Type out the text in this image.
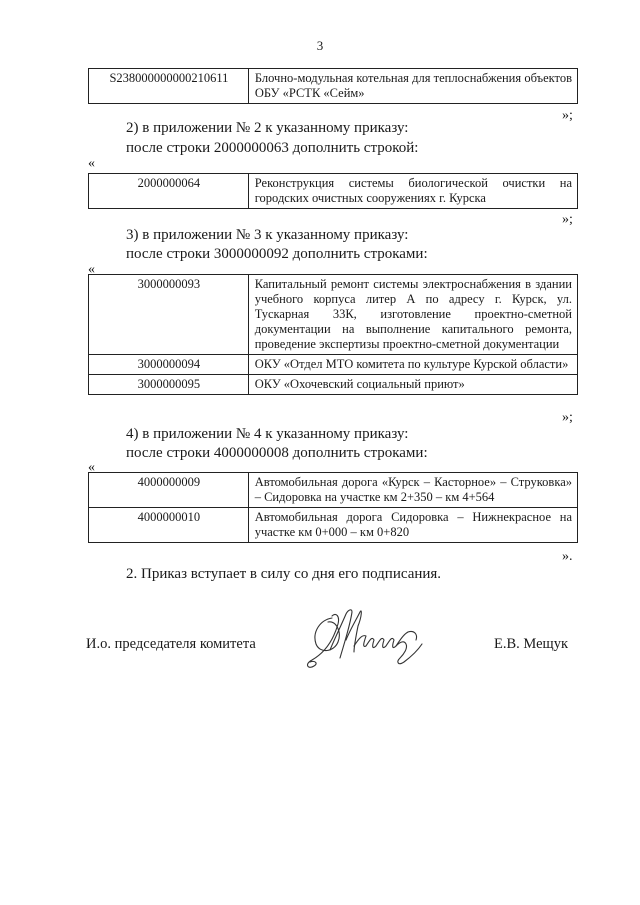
3
S238000000000210611	Блочно-модульная котельная для теплоснабжения объектов ОБУ «РСТК «Сейм»
»;
2) в приложении № 2 к указанному приказу:
после строки 2000000063 дополнить строкой:
«
2000000064	Реконструкция системы биологической очистки на городских очистных сооружениях г. Курска
»;
3) в приложении № 3 к указанному приказу:
после строки 3000000092 дополнить строками:
«
3000000093	Капитальный ремонт системы электроснабжения в здании учебного корпуса литер А по адресу г. Курск, ул. Тускарная 33К, изготовление проектно-сметной документации на выполнение капитального ремонта, проведение экспертизы проектно-сметной документации
3000000094	ОКУ «Отдел МТО комитета по культуре Курской области»
3000000095	ОКУ «Охочевский социальный приют»
»;
4) в приложении № 4 к указанному приказу:
после строки 4000000008 дополнить строками:
«
4000000009	Автомобильная дорога «Курск – Касторное» – Струковка» – Сидоровка на участке км 2+350 – км 4+564
4000000010	Автомобильная дорога Сидоровка – Нижнекрасное на участке км 0+000 – км 0+820
».
2. Приказ вступает в силу со дня его подписания.
И.о. председателя комитета	Е.В. Мещук
